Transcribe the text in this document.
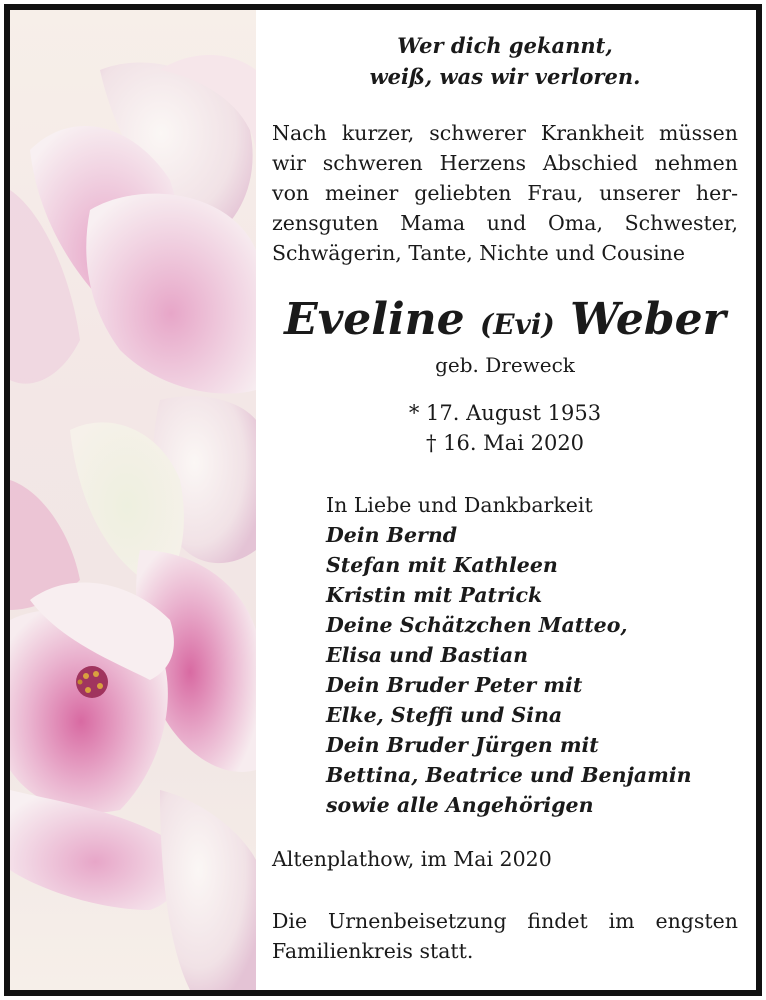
Wer dich gekannt,
weiß, was wir verloren.
Nach kurzer, schwerer Krankheit müssen
wir schweren Herzens Abschied nehmen
von meiner geliebten Frau, unserer her-
zensguten Mama und Oma, Schwester,
Schwägerin, Tante, Nichte und Cousine
Eveline (Evi) Weber
geb. Dreweck
* 17. August 1953
† 16. Mai 2020
In Liebe und Dankbarkeit
Dein Bernd
Stefan mit Kathleen
Kristin mit Patrick
Deine Schätzchen Matteo,
Elisa und Bastian
Dein Bruder Peter mit
Elke, Steffi und Sina
Dein Bruder Jürgen mit
Bettina, Beatrice und Benjamin
sowie alle Angehörigen
Altenplathow, im Mai 2020
Die Urnenbeisetzung findet im engsten
Familienkreis statt.
